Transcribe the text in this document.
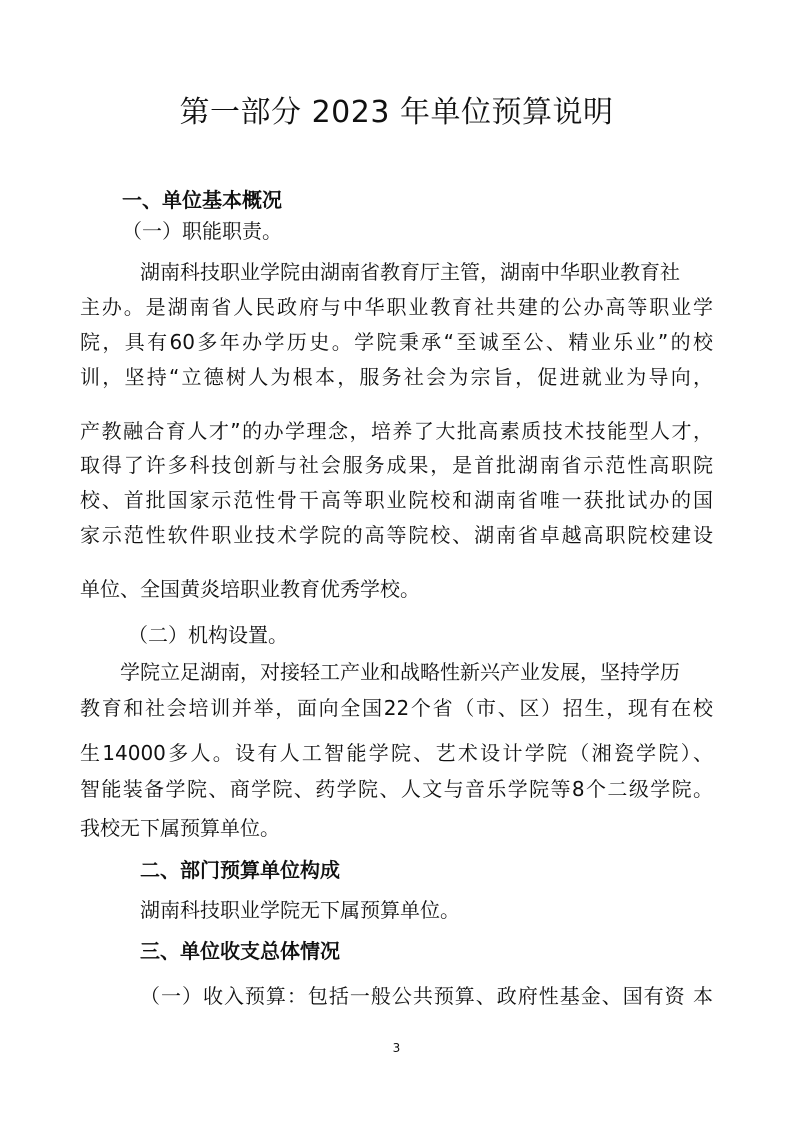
第一部分 2023 年单位预算说明
一、单位基本概况
（一）职能职责。
湖南科技职业学院由湖南省教育厅主管，湖南中华职业教育社
主办。是湖南省人民政府与中华职业教育社共建的公办高等职业学
院，具有60多年办学历史。学院秉承“至诚至公、精业乐业”的校
训，坚持“立德树人为根本，服务社会为宗旨，促进就业为导向，
产教融合育人才”的办学理念，培养了大批高素质技术技能型人才，
取得了许多科技创新与社会服务成果，是首批湖南省示范性高职院
校、首批国家示范性骨干高等职业院校和湖南省唯一获批试办的国
家示范性软件职业技术学院的高等院校、湖南省卓越高职院校建设
单位、全国黄炎培职业教育优秀学校。
（二）机构设置。
学院立足湖南，对接轻工产业和战略性新兴产业发展，坚持学历
教育和社会培训并举，面向全国22个省（市、区）招生，现有在校
生14000多人。设有人工智能学院、艺术设计学院（湘瓷学院）、
智能装备学院、商学院、药学院、人文与音乐学院等8个二级学院。
我校无下属预算单位。
二、部门预算单位构成
湖南科技职业学院无下属预算单位。
三、单位收支总体情况
（一）收入预算：包括一般公共预算、政府性基金、国有资 本
3
